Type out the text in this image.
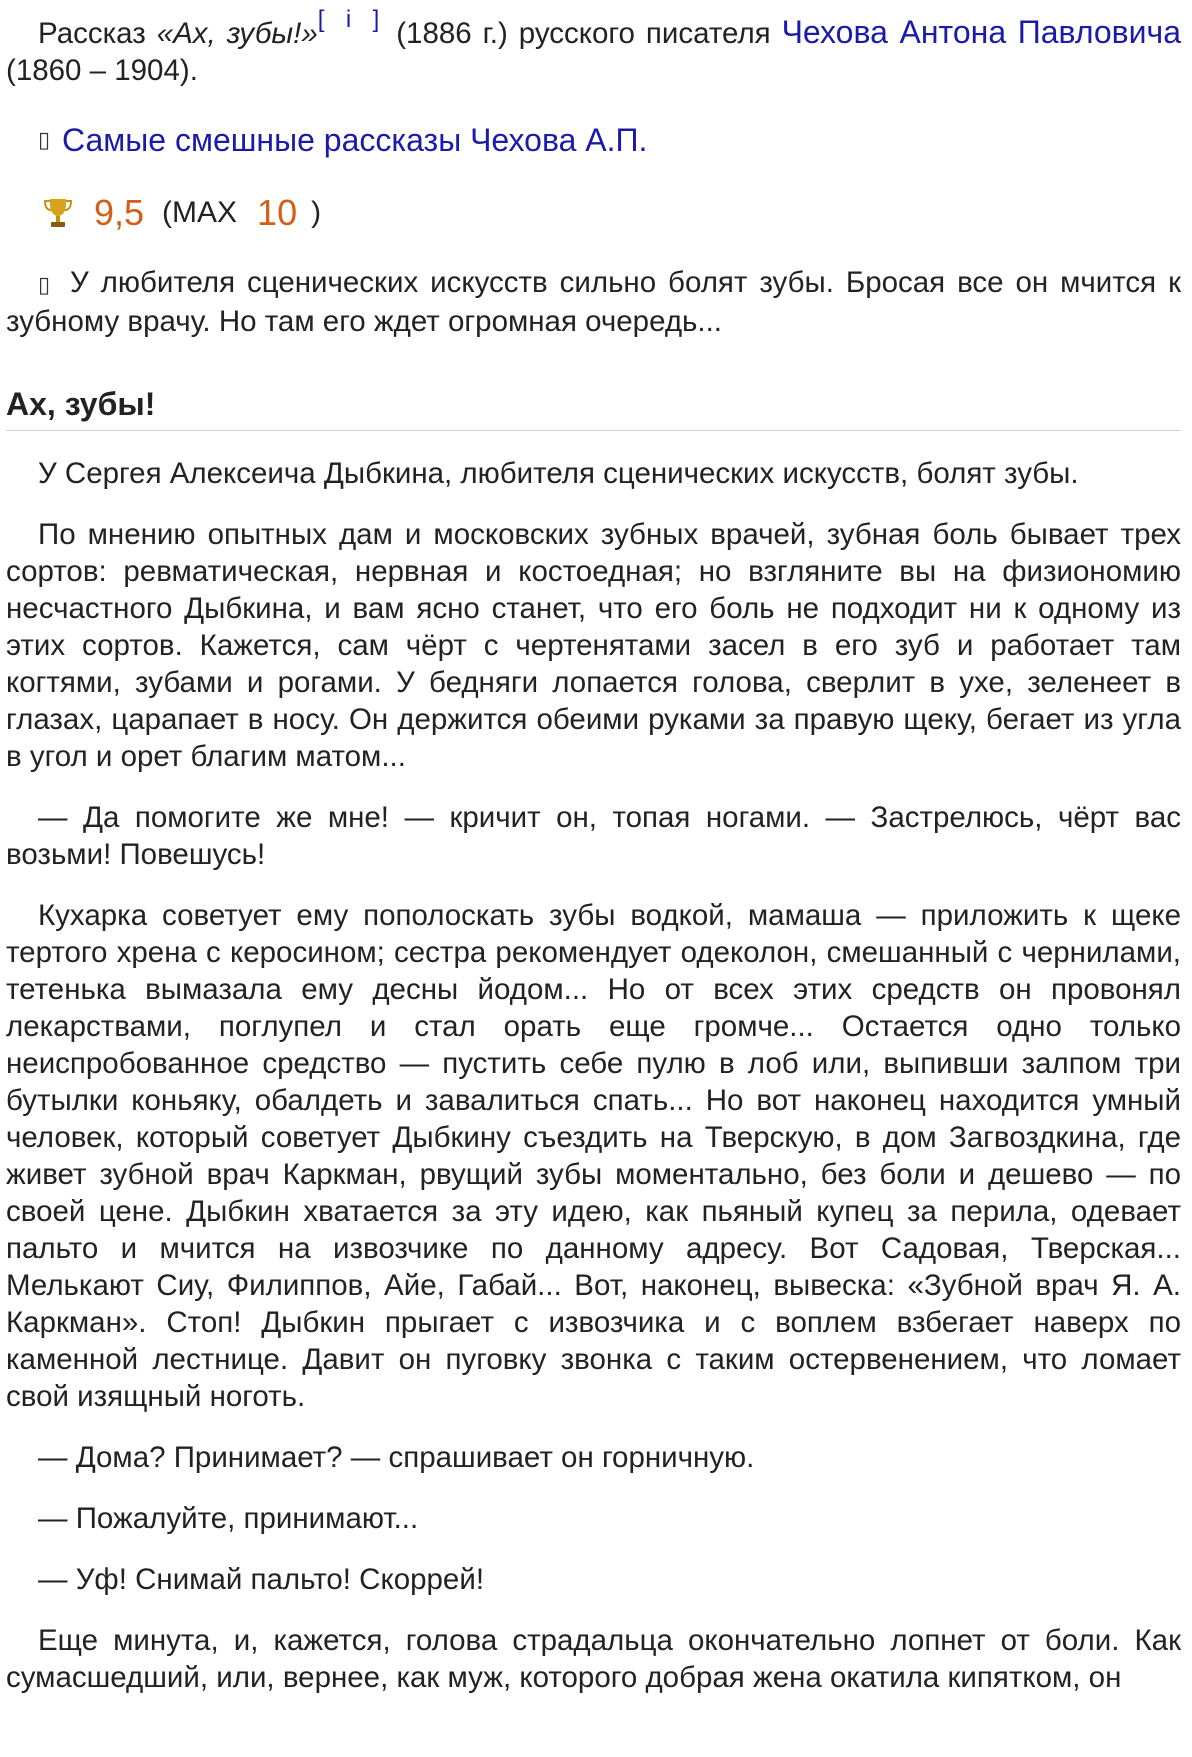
Рассказ «Ах, зубы!»[ i ] (1886 г.) русского писателя Чехова Антона Павловича (1860 – 1904).

▯ Самые смешные рассказы Чехова А.П.
9,5 (MAX 10 )

▯ У любителя сценических искусств сильно болят зубы. Бросая все он мчится к зубному врачу. Но там его ждет огромная очередь...

Ах, зубы!

У Сергея Алексеича Дыбкина, любителя сценических искусств, болят зубы.

По мнению опытных дам и московских зубных врачей, зубная боль бывает трех сортов: ревматическая, нервная и костоедная; но взгляните вы на физиономию несчастного Дыбкина, и вам ясно станет, что его боль не подходит ни к одному из этих сортов. Кажется, сам чёрт с чертенятами засел в его зуб и работает там когтями, зубами и рогами. У бедняги лопается голова, сверлит в ухе, зеленеет в глазах, царапает в носу. Он держится обеими руками за правую щеку, бегает из угла в угол и орет благим матом...

— Да помогите же мне! — кричит он, топая ногами. — Застрелюсь, чёрт вас возьми! Повешусь!

Кухарка советует ему пополоскать зубы водкой, мамаша — приложить к щеке тертого хрена с керосином; сестра рекомендует одеколон, смешанный с чернилами, тетенька вымазала ему десны йодом... Но от всех этих средств он провонял лекарствами, поглупел и стал орать еще громче... Остается одно только неиспробованное средство — пустить себе пулю в лоб или, выпивши залпом три бутылки коньяку, обалдеть и завалиться спать... Но вот наконец находится умный человек, который советует Дыбкину съездить на Тверскую, в дом Загвоздкина, где живет зубной врач Каркман, рвущий зубы моментально, без боли и дешево — по своей цене. Дыбкин хватается за эту идею, как пьяный купец за перила, одевает пальто и мчится на извозчике по данному адресу. Вот Садовая, Тверская... Мелькают Сиу, Филиппов, Айе, Габай... Вот, наконец, вывеска: «Зубной врач Я. А. Каркман». Стоп! Дыбкин прыгает с извозчика и с воплем взбегает наверх по каменной лестнице. Давит он пуговку звонка с таким остервенением, что ломает свой изящный ноготь.

— Дома? Принимает? — спрашивает он горничную.

— Пожалуйте, принимают...

— Уф! Снимай пальто! Скоррей!

Еще минута, и, кажется, голова страдальца окончательно лопнет от боли. Как сумасшедший, или, вернее, как муж, которого добрая жена окатила кипятком, он
